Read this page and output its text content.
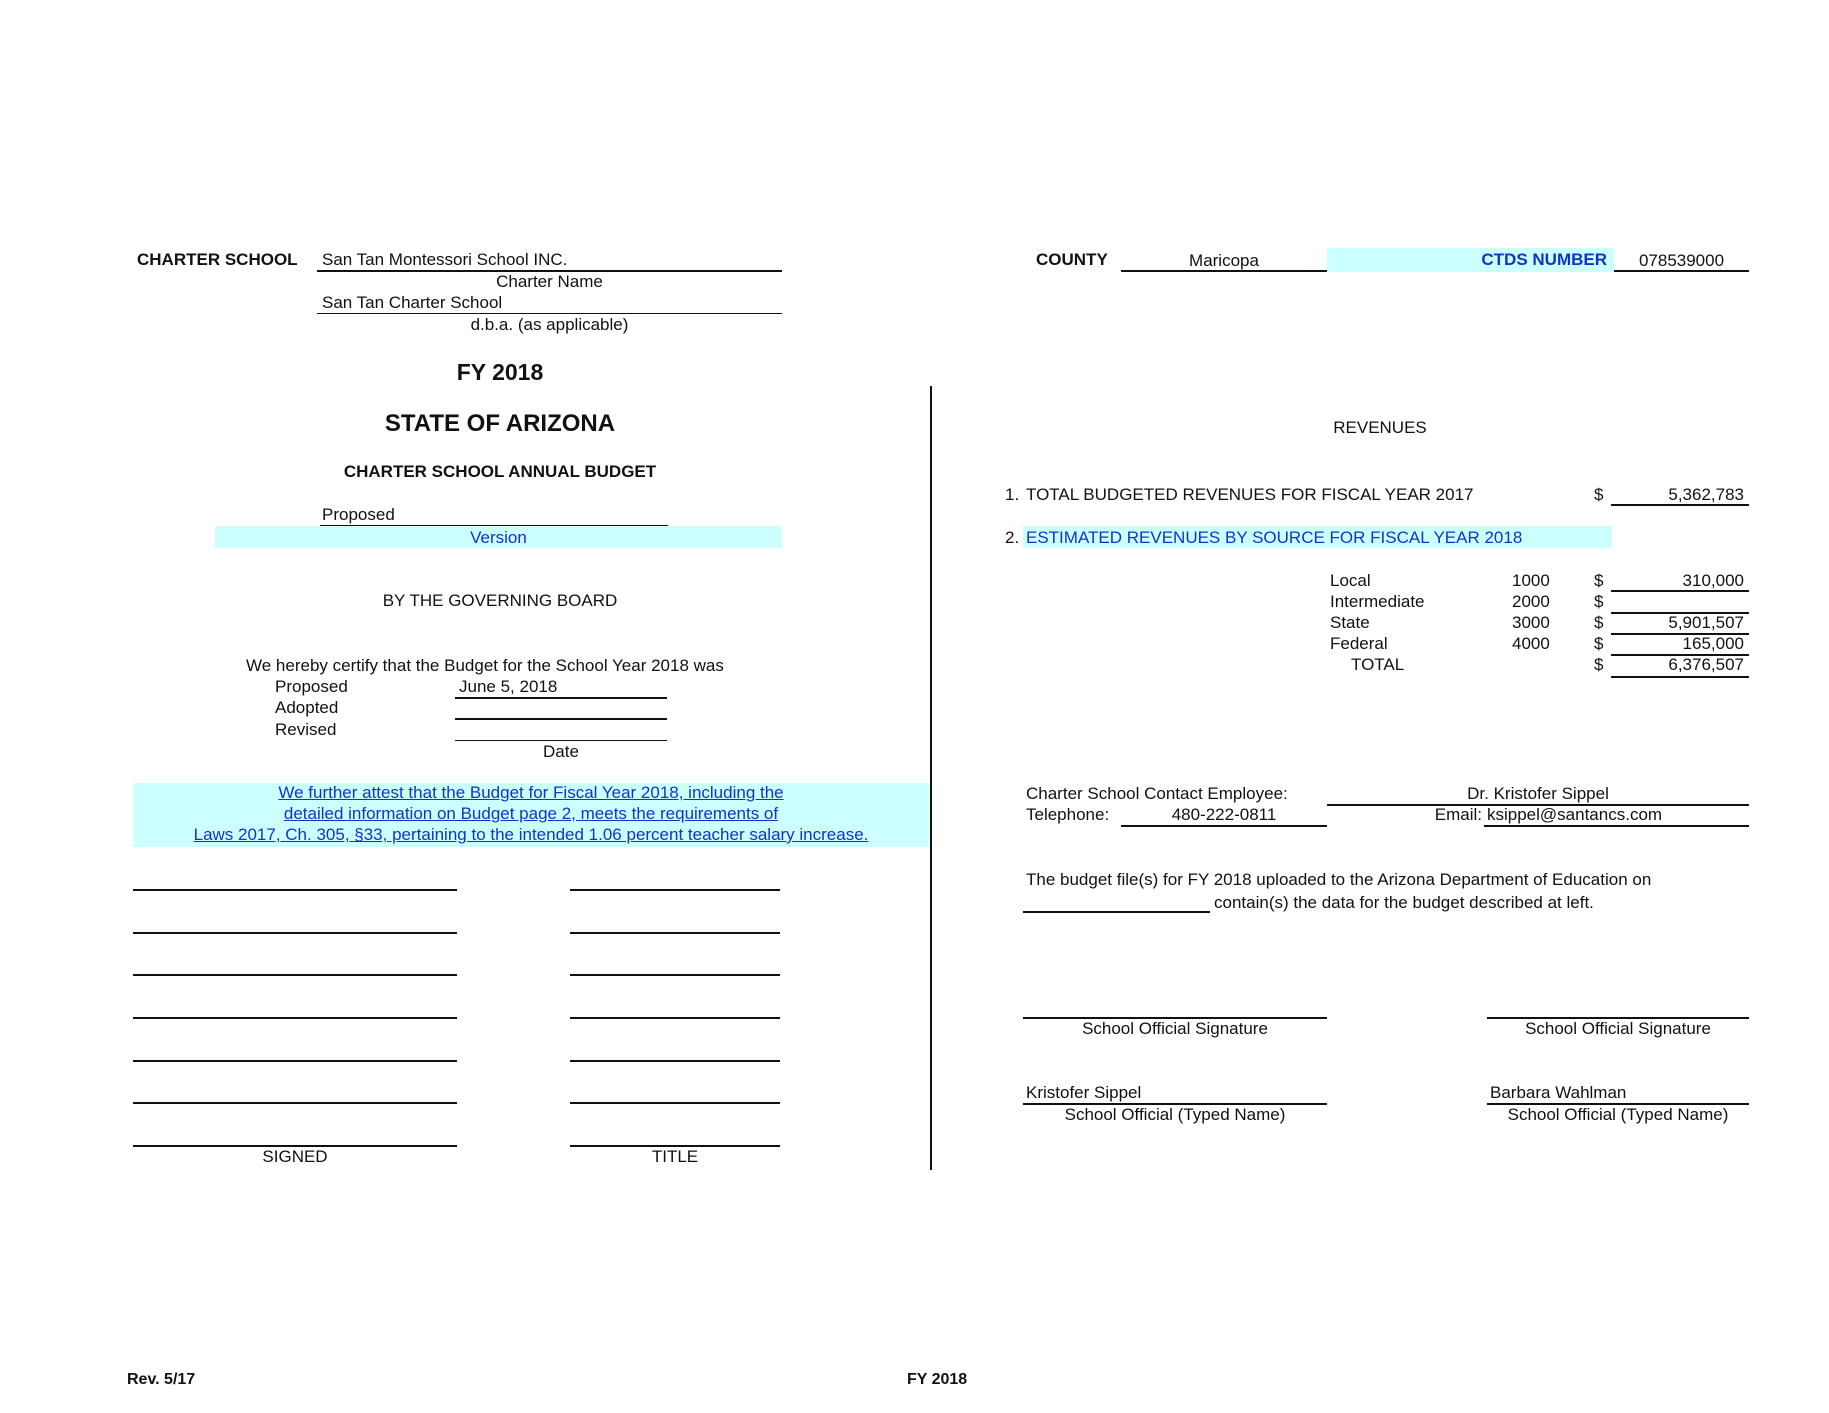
CHARTER SCHOOL San Tan Montessori School INC.
Charter Name
San Tan Charter School
d.b.a. (as applicable)
COUNTY	Maricopa	CTDS NUMBER	078539000
FY 2018
STATE OF ARIZONA
CHARTER SCHOOL ANNUAL BUDGET
Proposed
Version
BY THE GOVERNING BOARD
We hereby certify that the Budget for the School Year 2018 was
Proposed	June 5, 2018
Adopted
Revised
Date
We further attest that the Budget for Fiscal Year 2018, including the
detailed information on Budget page 2, meets the requirements of
Laws 2017, Ch. 305, §33, pertaining to the intended 1.06 percent teacher salary increase.
SIGNED	TITLE
REVENUES
1. TOTAL BUDGETED REVENUES FOR FISCAL YEAR 2017	$	5,362,783
2. ESTIMATED REVENUES BY SOURCE FOR FISCAL YEAR 2018
Local	1000	$	310,000
Intermediate	2000	$
State	3000	$	5,901,507
Federal	4000	$	165,000
TOTAL	$	6,376,507
Charter School Contact Employee:	Dr. Kristofer Sippel
Telephone:	480-222-0811	Email: ksippel@santancs.com
The budget file(s) for FY 2018 uploaded to the Arizona Department of Education on
contain(s) the data for the budget described at left.
School Official Signature	School Official Signature
Kristofer Sippel
School Official (Typed Name)
Barbara Wahlman
School Official (Typed Name)
Rev. 5/17	FY 2018
